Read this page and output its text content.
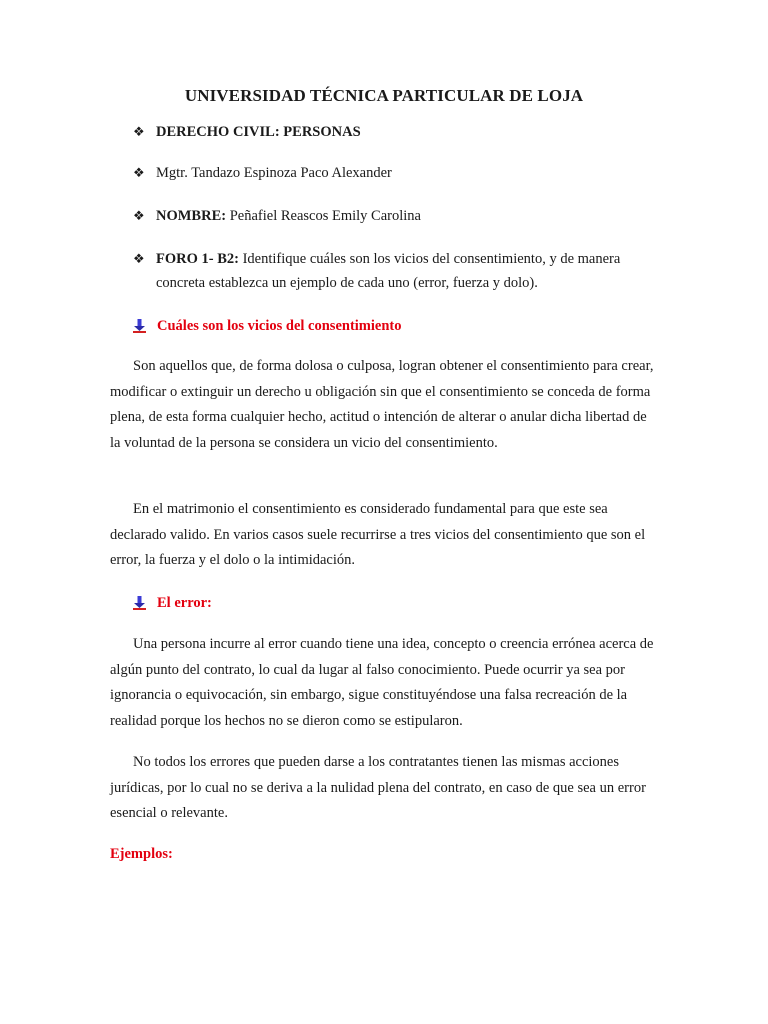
UNIVERSIDAD TÉCNICA PARTICULAR DE LOJA
❖ DERECHO CIVIL: PERSONAS
❖ Mgtr. Tandazo Espinoza Paco Alexander
❖ NOMBRE: Peñafiel Reascos Emily Carolina
❖ FORO 1- B2: Identifique cuáles son los vicios del consentimiento, y de manera concreta establezca un ejemplo de cada uno (error, fuerza y dolo).
Cuáles son los vicios del consentimiento

Son aquellos que, de forma dolosa o culposa, logran obtener el consentimiento para crear, modificar o extinguir un derecho u obligación sin que el consentimiento se conceda de forma plena, de esta forma cualquier hecho, actitud o intención de alterar o anular dicha libertad de la voluntad de la persona se considera un vicio del consentimiento.

En el matrimonio el consentimiento es considerado fundamental para que este sea declarado valido. En varios casos suele recurrirse a tres vicios del consentimiento que son el error, la fuerza y el dolo o la intimidación.

El error:

Una persona incurre al error cuando tiene una idea, concepto o creencia errónea acerca de algún punto del contrato, lo cual da lugar al falso conocimiento. Puede ocurrir ya sea por ignorancia o equivocación, sin embargo, sigue constituyéndose una falsa recreación de la realidad porque los hechos no se dieron como se estipularon.

No todos los errores que pueden darse a los contratantes tienen las mismas acciones jurídicas, por lo cual no se deriva a la nulidad plena del contrato, en caso de que sea un error esencial o relevante.

Ejemplos:
